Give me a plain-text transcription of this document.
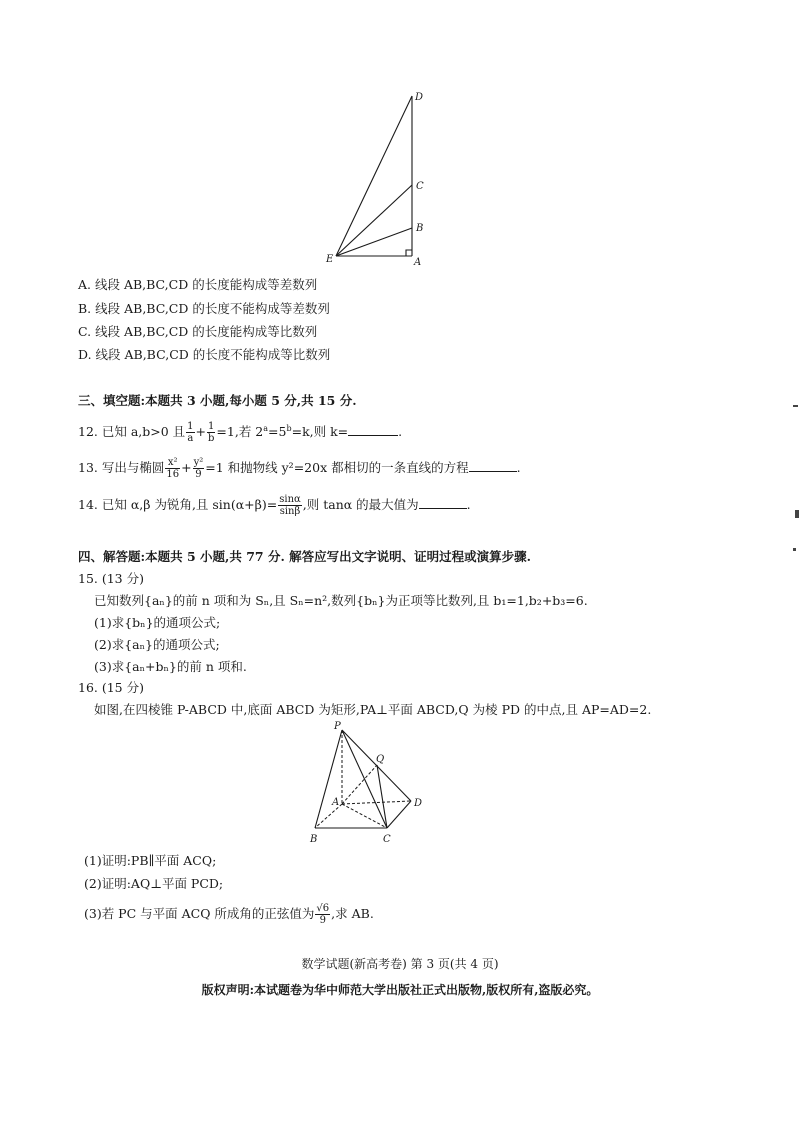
D
C
B
A
E
A. 线段 AB,BC,CD 的长度能构成等差数列
B. 线段 AB,BC,CD 的长度不能构成等差数列
C. 线段 AB,BC,CD 的长度能构成等比数列
D. 线段 AB,BC,CD 的长度不能构成等比数列
三、填空题:本题共 3 小题,每小题 5 分,共 15 分.
12. 已知 a,b>0 且 $\frac{1}{a} + \frac{1}{b} =1$,若 $2^a=5^b=k$,则 k=	.
13. 写出与椭圆 $\frac{\text{x²}}{16} + \frac{\text{y²}}{9} =1$ 和抛物线 y²=20x 都相切的一条直线的方程	.
14. 已知 α,β 为锐角,且 $\sin(\alpha+\beta)= \frac{\sin\alpha}{\sin\beta}$ ,则 tanα 的最大值为	.
四、解答题:本题共 5 小题,共 77 分. 解答应写出文字说明、证明过程或演算步骤.
15. (13 分)
已知数列{aₙ}的前 n 项和为 Sₙ,且 Sₙ=n²,数列{bₙ}为正项等比数列,且 b₁=1,b₂+b₃=6.
(1)求{bₙ}的通项公式;
(2)求{aₙ}的通项公式;
(3)求{aₙ+bₙ}的前 n 项和.
16. (15 分)
如图,在四棱锥 P-ABCD 中,底面 ABCD 为矩形,PA⊥平面 ABCD,Q 为棱 PD 的中点,且 AP=AD=2.
P
Q
A	D
B	C
(1)证明:PB∥平面 ACQ;
(2)证明:AQ⊥平面 PCD;
(3)若 PC 与平面 ACQ 所成角的正弦值为 $\frac{√6}{9}$ ,求 AB.
数学试题(新高考卷) 第 3 页(共 4 页)
版权声明:本试题卷为华中师范大学出版社正式出版物,版权所有,盗版必究。
